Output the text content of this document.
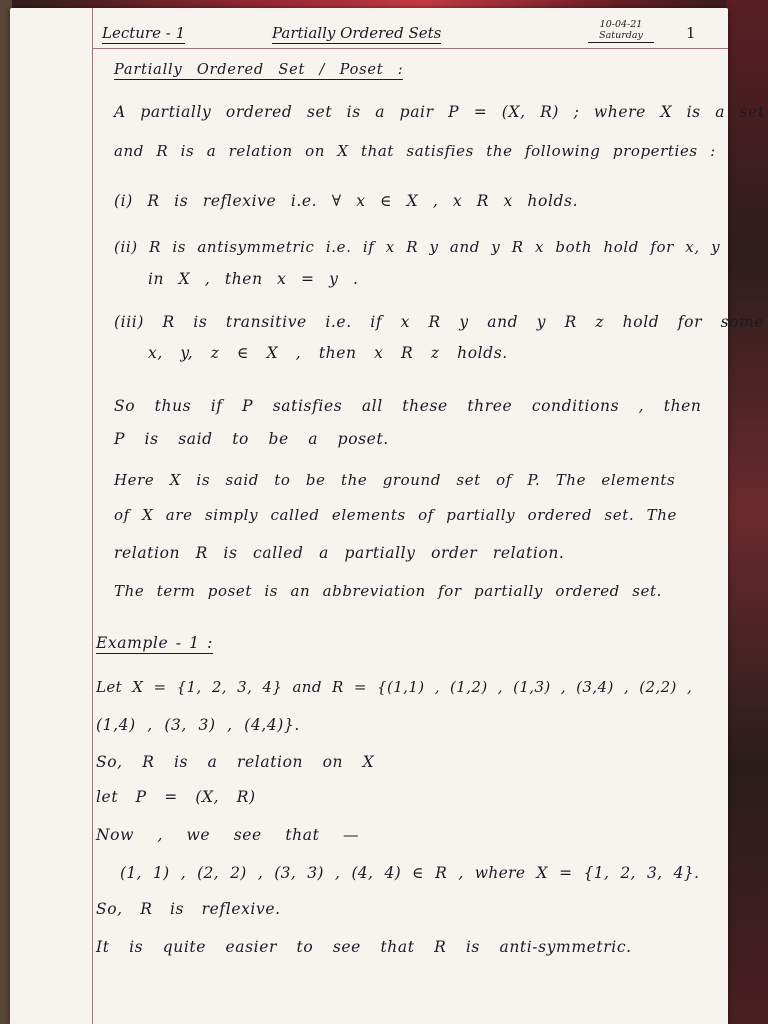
Lecture - 1	Partially Ordered Sets	10-04-21
Saturday	1
Partially Ordered Set / Poset :
A partially ordered set is a pair P = (X, R) ; where X is a set
and R is a relation on X that satisfies the following properties :
(i) R is reflexive i.e. ∀ x ∈ X , x R x holds.
(ii) R is antisymmetric i.e. if x R y and y R x both hold for x, y
in X , then x = y .
(iii) R is transitive i.e. if x R y and y R z hold for some
x, y, z ∈ X , then x R z holds.
So thus if P satisfies all these three conditions , then
P is said to be a poset.
Here X is said to be the ground set of P. The elements
of X are simply called elements of partially ordered set. The
relation R is called a partially order relation.
The term poset is an abbreviation for partially ordered set.
Example - 1 :
Let X = {1, 2, 3, 4} and R = {(1,1) , (1,2) , (1,3) , (3,4) , (2,2) ,
(1,4) , (3, 3) , (4,4)}.
So, R is a relation on X
let P = (X, R)
Now , we see that —
(1, 1) , (2, 2) , (3, 3) , (4, 4) ∈ R , where X = {1, 2, 3, 4}.
So, R is reflexive.
It is quite easier to see that R is anti-symmetric.
